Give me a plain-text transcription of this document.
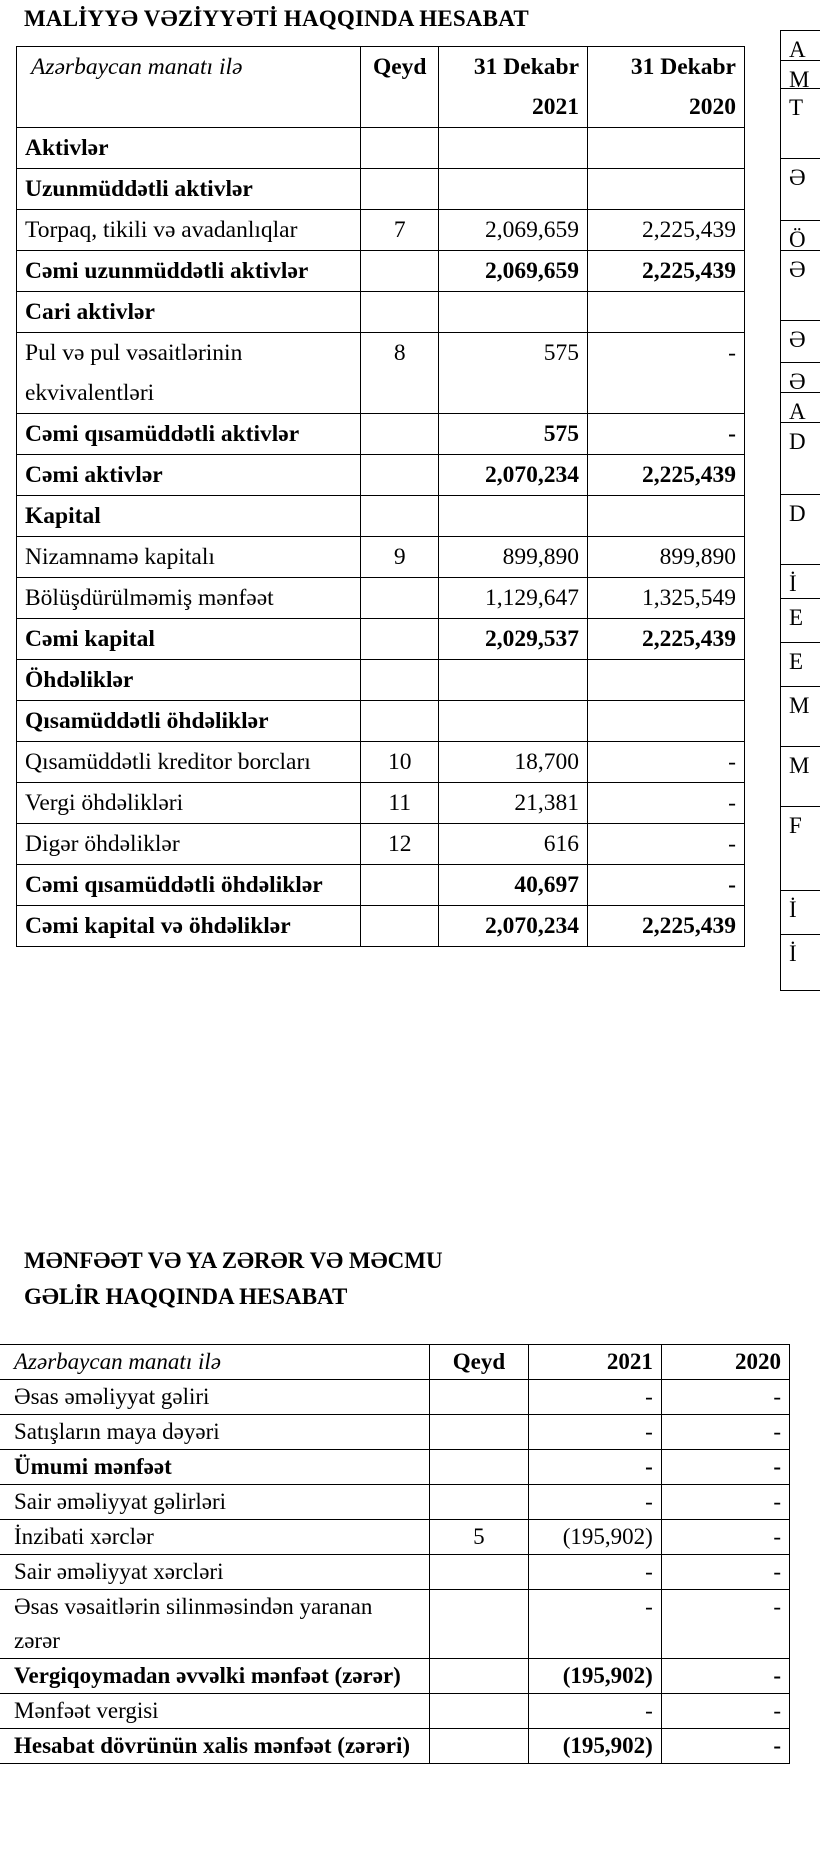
MALİYYƏ VƏZİYYƏTİ HAQQINDA HESABAT
Azərbaycan manatı ilə	Qeyd	31 Dekabr 2021	31 Dekabr 2020
Aktivlər			
Uzunmüddətli aktivlər			
Torpaq, tikili və avadanlıqlar	7	2,069,659	2,225,439
Cəmi uzunmüddətli aktivlər		2,069,659	2,225,439
Cari aktivlər			
Pul və pul vəsaitlərinin ekvivalentləri	8	575	-
Cəmi qısamüddətli aktivlər		575	-
Cəmi aktivlər		2,070,234	2,225,439
Kapital			
Nizamnamə kapitalı	9	899,890	899,890
Bölüşdürülməmiş mənfəət		1,129,647	1,325,549
Cəmi kapital		2,029,537	2,225,439
Öhdəliklər			
Qısamüddətli öhdəliklər			
Qısamüddətli kreditor borcları	10	18,700	-
Vergi öhdəlikləri	11	21,381	-
Digər öhdəliklər	12	616	-
Cəmi qısamüddətli öhdəliklər		40,697	-
Cəmi kapital və öhdəliklər		2,070,234	2,225,439
A
M
T
Ə
Ö
Ə
Ə
Ə
A
D
D
İ
E
E
M
M
F
İ
İ
MƏNFƏƏT VƏ YA ZƏRƏR VƏ MƏCMU
GƏLİR HAQQINDA HESABAT
Azərbaycan manatı ilə	Qeyd	2021	2020
Əsas əməliyyat gəliri		-	-
Satışların maya dəyəri		-	-
Ümumi mənfəət		-	-
Sair əməliyyat gəlirləri		-	-
İnzibati xərclər	5	(195,902)	-
Sair əməliyyat xərcləri		-	-
Əsas vəsaitlərin silinməsindən yaranan zərər		-	-
Vergiqoymadan əvvəlki mənfəət (zərər)		(195,902)	-
Mənfəət vergisi		-	-
Hesabat dövrünün xalis mənfəət (zərəri)		(195,902)	-
